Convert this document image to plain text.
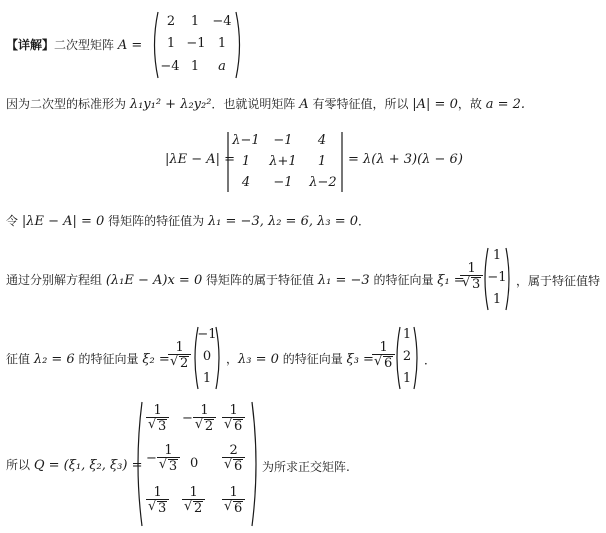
【详解】二次型矩阵 A =
2	1	−4
1 −1 1
−4 1	a
因为二次型的标准形为 λ₁y₁² + λ₂y₂²．也就说明矩阵 A 有零特征值，所以 |A| = 0，故 a = 2.
|λE − A| =
λ−1	−1	4
1	λ+1	1
4	−1	λ−2
= λ(λ + 3)(λ − 6)
令 |λE − A| = 0 得矩阵的特征值为 λ₁ = −3, λ₂ = 6, λ₃ = 0．
通过分别解方程组 (λ₁E − A)x = 0 得矩阵的属于特征值 λ₁ = −3 的特征向量 ξ₁ =
$\frac{1}{√ 3}$
1
−1
1
，属于特征值特
征值 λ₂ = 6 的特征向量 ξ₂ =
$\frac{1}{√ 2}$
−1
0
1
，λ₃ = 0 的特征向量 ξ₃ =
$\frac{1}{√ 6}$
1
2
1
．
所以 Q = (ξ₁, ξ₂, ξ₃) =
$\frac{1}{√ 3} - \frac{1}{√ 2} \frac{1}{√ 6}$
− $\frac{1}{√ 3} 0 \frac{2}{√ 6}$
$\frac{1}{√ 3} \frac{1}{√ 2} \frac{1}{√ 6}$
为所求正交矩阵.
